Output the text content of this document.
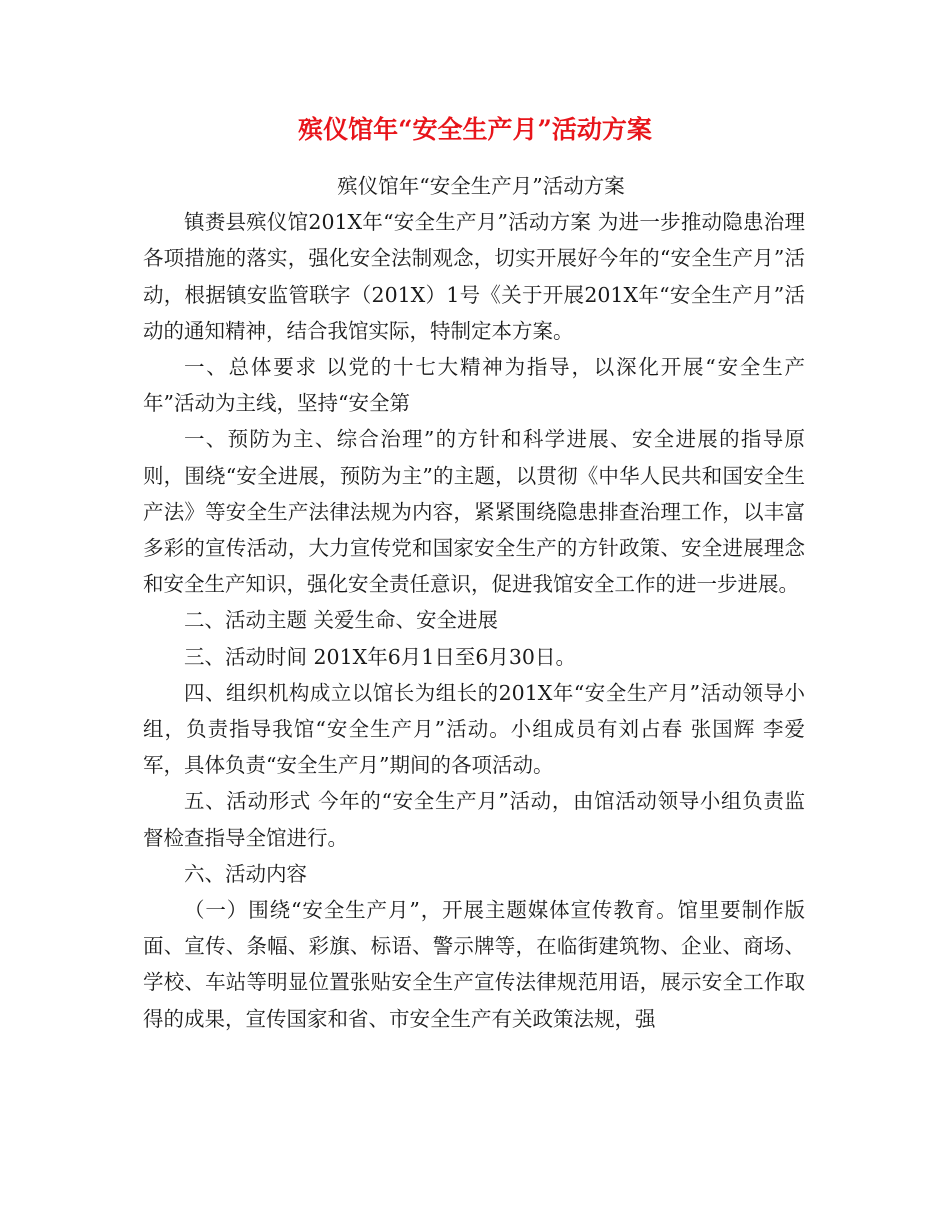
殡仪馆年“安全生产月”活动方案

殡仪馆年“安全生产月”活动方案

镇赉县殡仪馆201X年“安全生产月”活动方案 为进一步推动隐患治理各项措施的落实，强化安全法制观念，切实开展好今年的“安全生产月”活动，根据镇安监管联字（201X）1号《关于开展201X年“安全生产月”活动的通知精神，结合我馆实际，特制定本方案。

一、总体要求 以党的十七大精神为指导，以深化开展“安全生产年”活动为主线，坚持“安全第

一、预防为主、综合治理”的方针和科学进展、安全进展的指导原则，围绕“安全进展，预防为主”的主题，以贯彻《中华人民共和国安全生产法》等安全生产法律法规为内容，紧紧围绕隐患排查治理工作，以丰富多彩的宣传活动，大力宣传党和国家安全生产的方针政策、安全进展理念和安全生产知识，强化安全责任意识，促进我馆安全工作的进一步进展。

二、活动主题 关爱生命、安全进展

三、活动时间 201X年6月1日至6月30日。

四、组织机构成立以馆长为组长的201X年“安全生产月”活动领导小组，负责指导我馆“安全生产月”活动。小组成员有刘占春 张国辉 李爱军，具体负责“安全生产月”期间的各项活动。

五、活动形式 今年的“安全生产月”活动，由馆活动领导小组负责监督检查指导全馆进行。

六、活动内容

（一）围绕“安全生产月”，开展主题媒体宣传教育。馆里要制作版面、宣传、条幅、彩旗、标语、警示牌等，在临街建筑物、企业、商场、学校、车站等明显位置张贴安全生产宣传法律规范用语，展示安全工作取得的成果，宣传国家和省、市安全生产有关政策法规，强
